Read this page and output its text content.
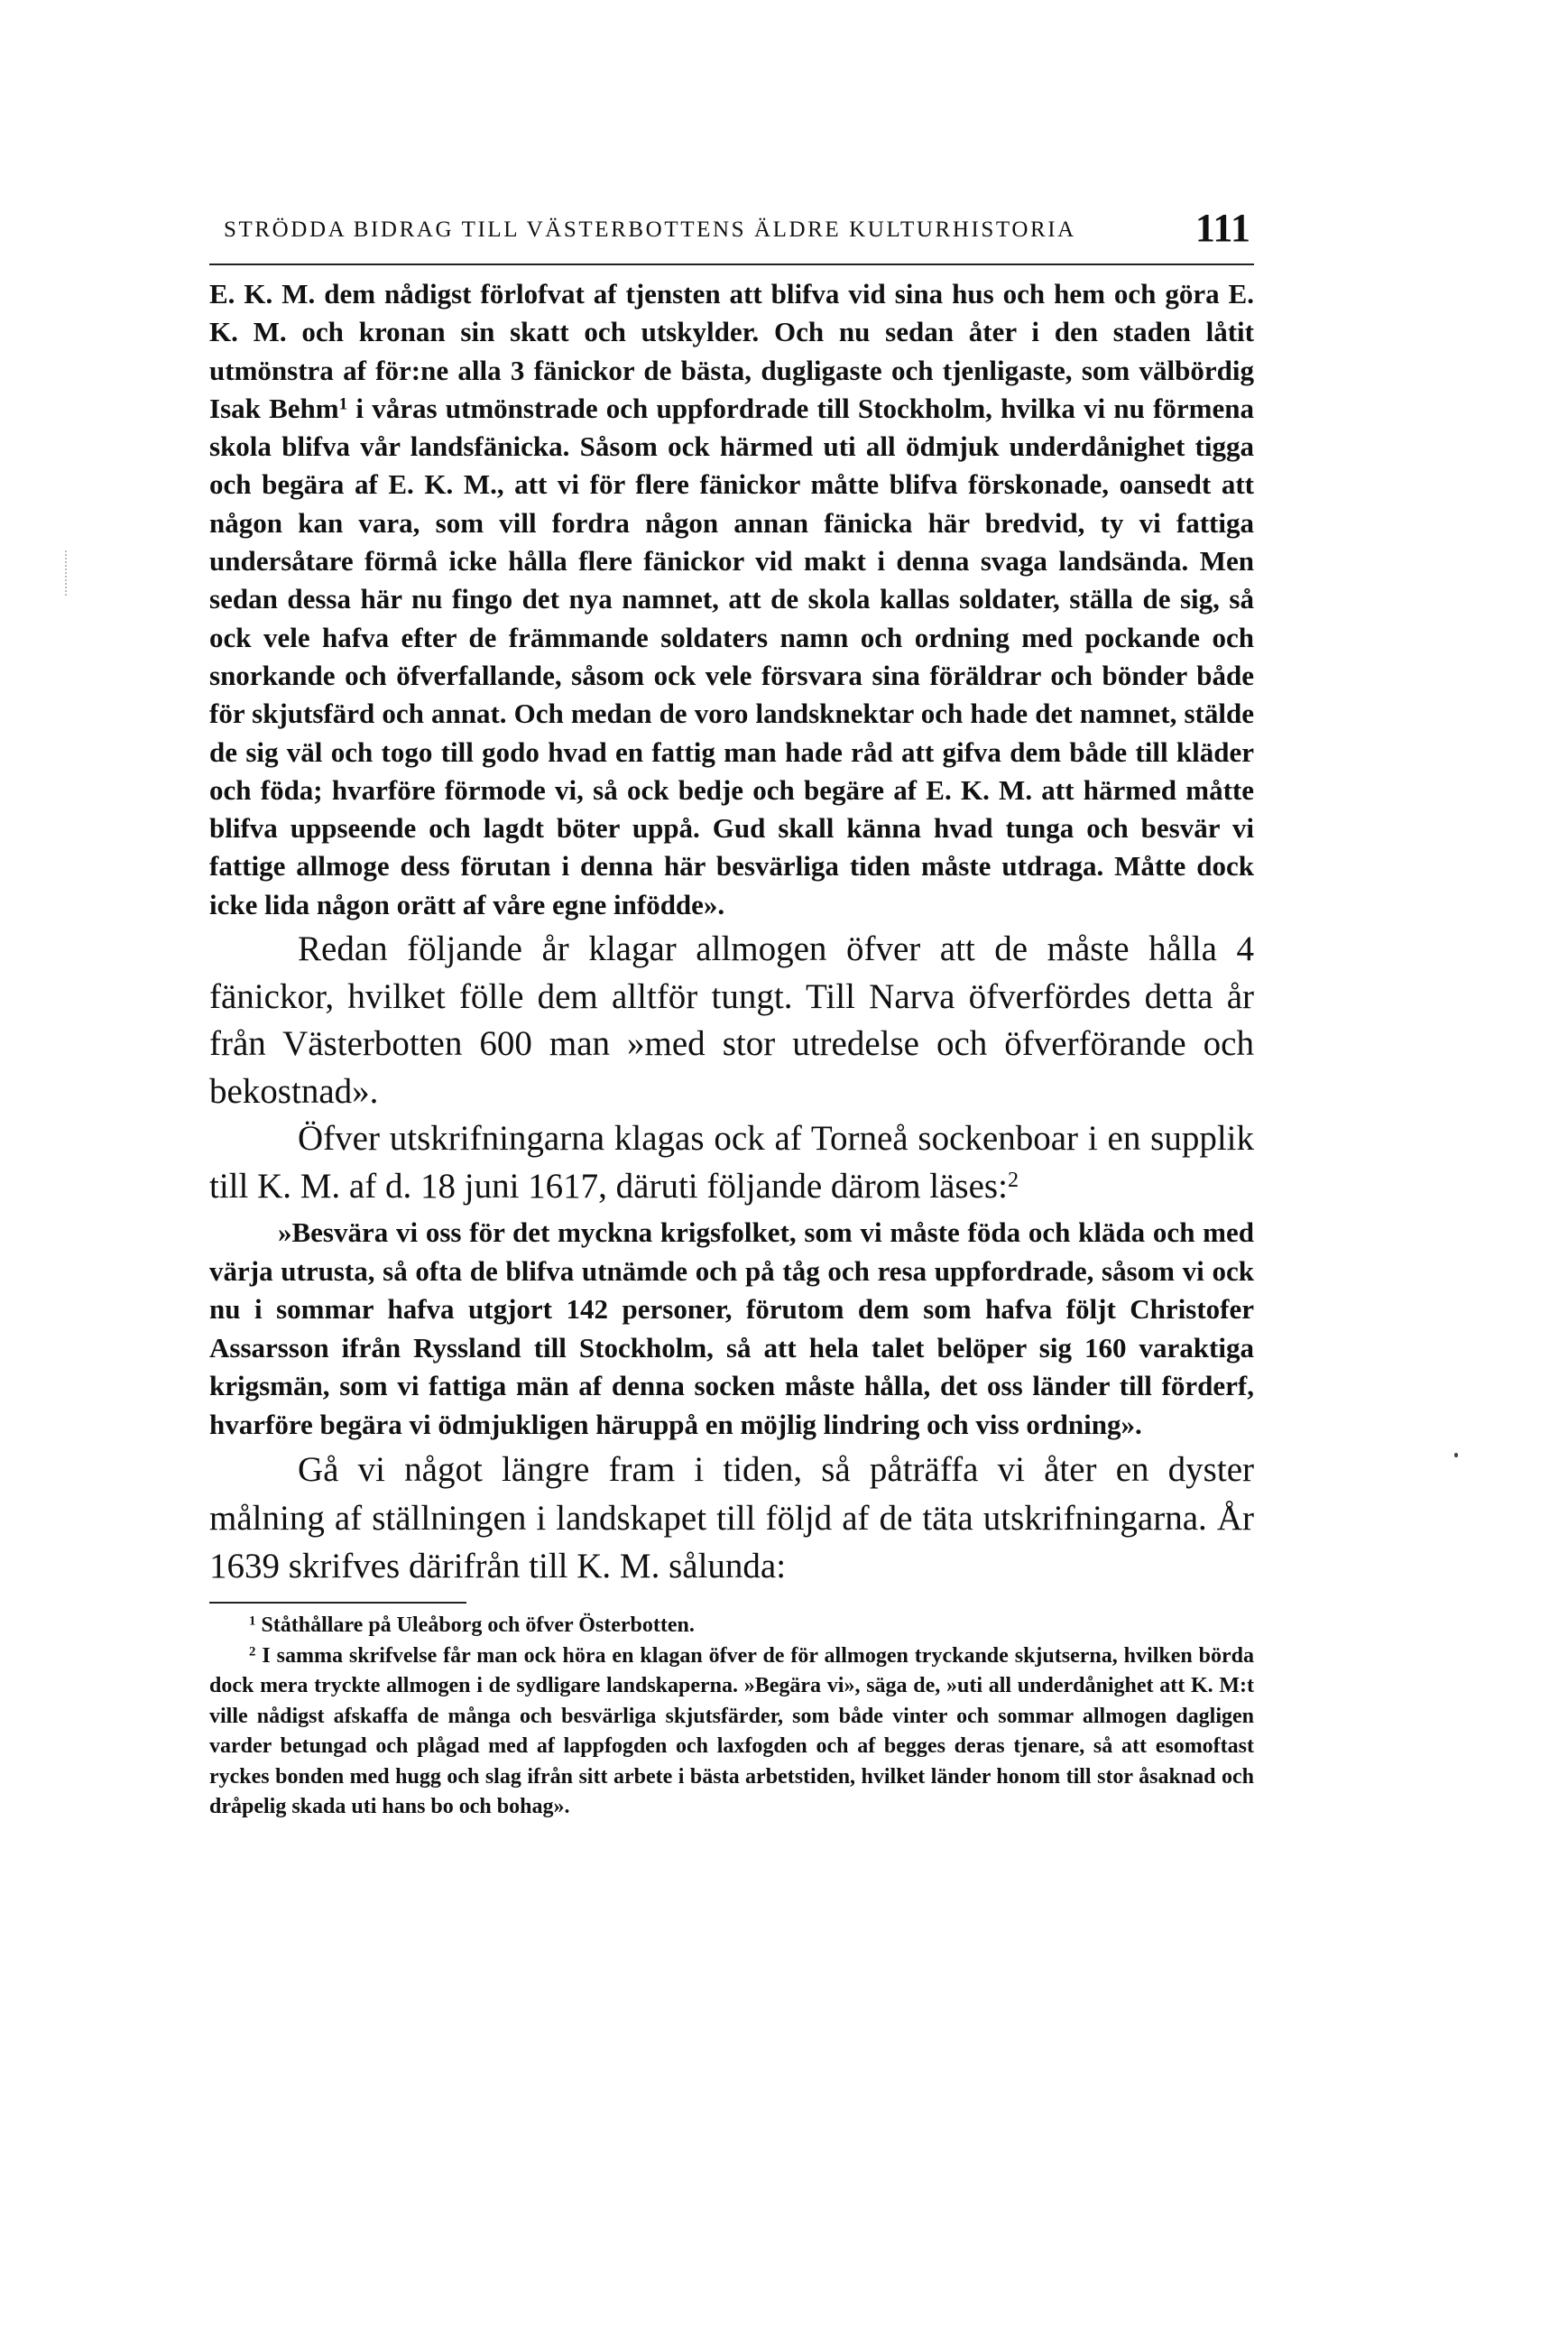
STRÖDDA BIDRAG TILL VÄSTERBOTTENS ÄLDRE KULTURHISTORIA	111

E. K. M. dem nådigst förlofvat af tjensten att blifva vid sina hus och hem och göra E. K. M. och kronan sin skatt och utskylder. Och nu sedan åter i den staden låtit utmönstra af för:ne alla 3 fänickor de bästa, dugligaste och tjenligaste, som välbördig Isak Behm$^1$ i våras utmönstrade och uppfordrade till Stockholm, hvilka vi nu förmena skola blifva vår landsfänicka. Såsom ock härmed uti all ödmjuk underdånighet tigga och begära af E. K. M., att vi för flere fänickor måtte blifva förskonade, oansedt att någon kan vara, som vill fordra någon annan fänicka här bredvid, ty vi fattiga undersåtare förmå icke hålla flere fänickor vid makt i denna svaga landsända. Men sedan dessa här nu fingo det nya namnet, att de skola kallas soldater, ställa de sig, så ock vele hafva efter de främmande soldaters namn och ordning med pockande och snorkande och öfverfallande, såsom ock vele försvara sina föräldrar och bönder både för skjutsfärd och annat. Och medan de voro landsknektar och hade det namnet, stälde de sig väl och togo till godo hvad en fattig man hade råd att gifva dem både till kläder och föda; hvarföre förmode vi, så ock bedje och begäre af E. K. M. att härmed måtte blifva uppseende och lagdt böter uppå. Gud skall känna hvad tunga och besvär vi fattige allmoge dess förutan i denna här besvärliga tiden måste utdraga. Måtte dock icke lida någon orätt af våre egne infödde».

Redan följande år klagar allmogen öfver att de måste hålla 4 fänickor, hvilket fölle dem alltför tungt. Till Narva öfverfördes detta år från Västerbotten 600 man »med stor utredelse och öfverförande och bekostnad».

Öfver utskrifningarna klagas ock af Torneå sockenboar i en supplik till K. M. af d. 18 juni 1617, däruti följande därom läses:$^2$

»Besvära vi oss för det myckna krigsfolket, som vi måste föda och kläda och med värja utrusta, så ofta de blifva utnämde och på tåg och resa uppfordrade, såsom vi ock nu i sommar hafva utgjort 142 personer, förutom dem som hafva följt Christofer Assarsson ifrån Ryssland till Stockholm, så att hela talet belöper sig 160 varaktiga krigsmän, som vi fattiga män af denna socken måste hålla, det oss länder till förderf, hvarföre begära vi ödmjukligen häruppå en möjlig lindring och viss ordning».

Gå vi något längre fram i tiden, så påträffa vi åter en dyster målning af ställningen i landskapet till följd af de täta utskrifningarna. År 1639 skrifves därifrån till K. M. sålunda:

$^1$ Ståthållare på Uleåborg och öfver Österbotten.

$^2$ I samma skrifvelse får man ock höra en klagan öfver de för allmogen tryckande skjutserna, hvilken börda dock mera tryckte allmogen i de sydligare landskaperna. »Begära vi», säga de, »uti all underdånighet att K. M:t ville nådigst afskaffa de många och besvärliga skjutsfärder, som både vinter och sommar allmogen dagligen varder betungad och plågad med af lappfogden och laxfogden och af begges deras tjenare, så att esomoftast ryckes bonden med hugg och slag ifrån sitt arbete i bästa arbetstiden, hvilket länder honom till stor åsaknad och dråpelig skada uti hans bo och bohag».
